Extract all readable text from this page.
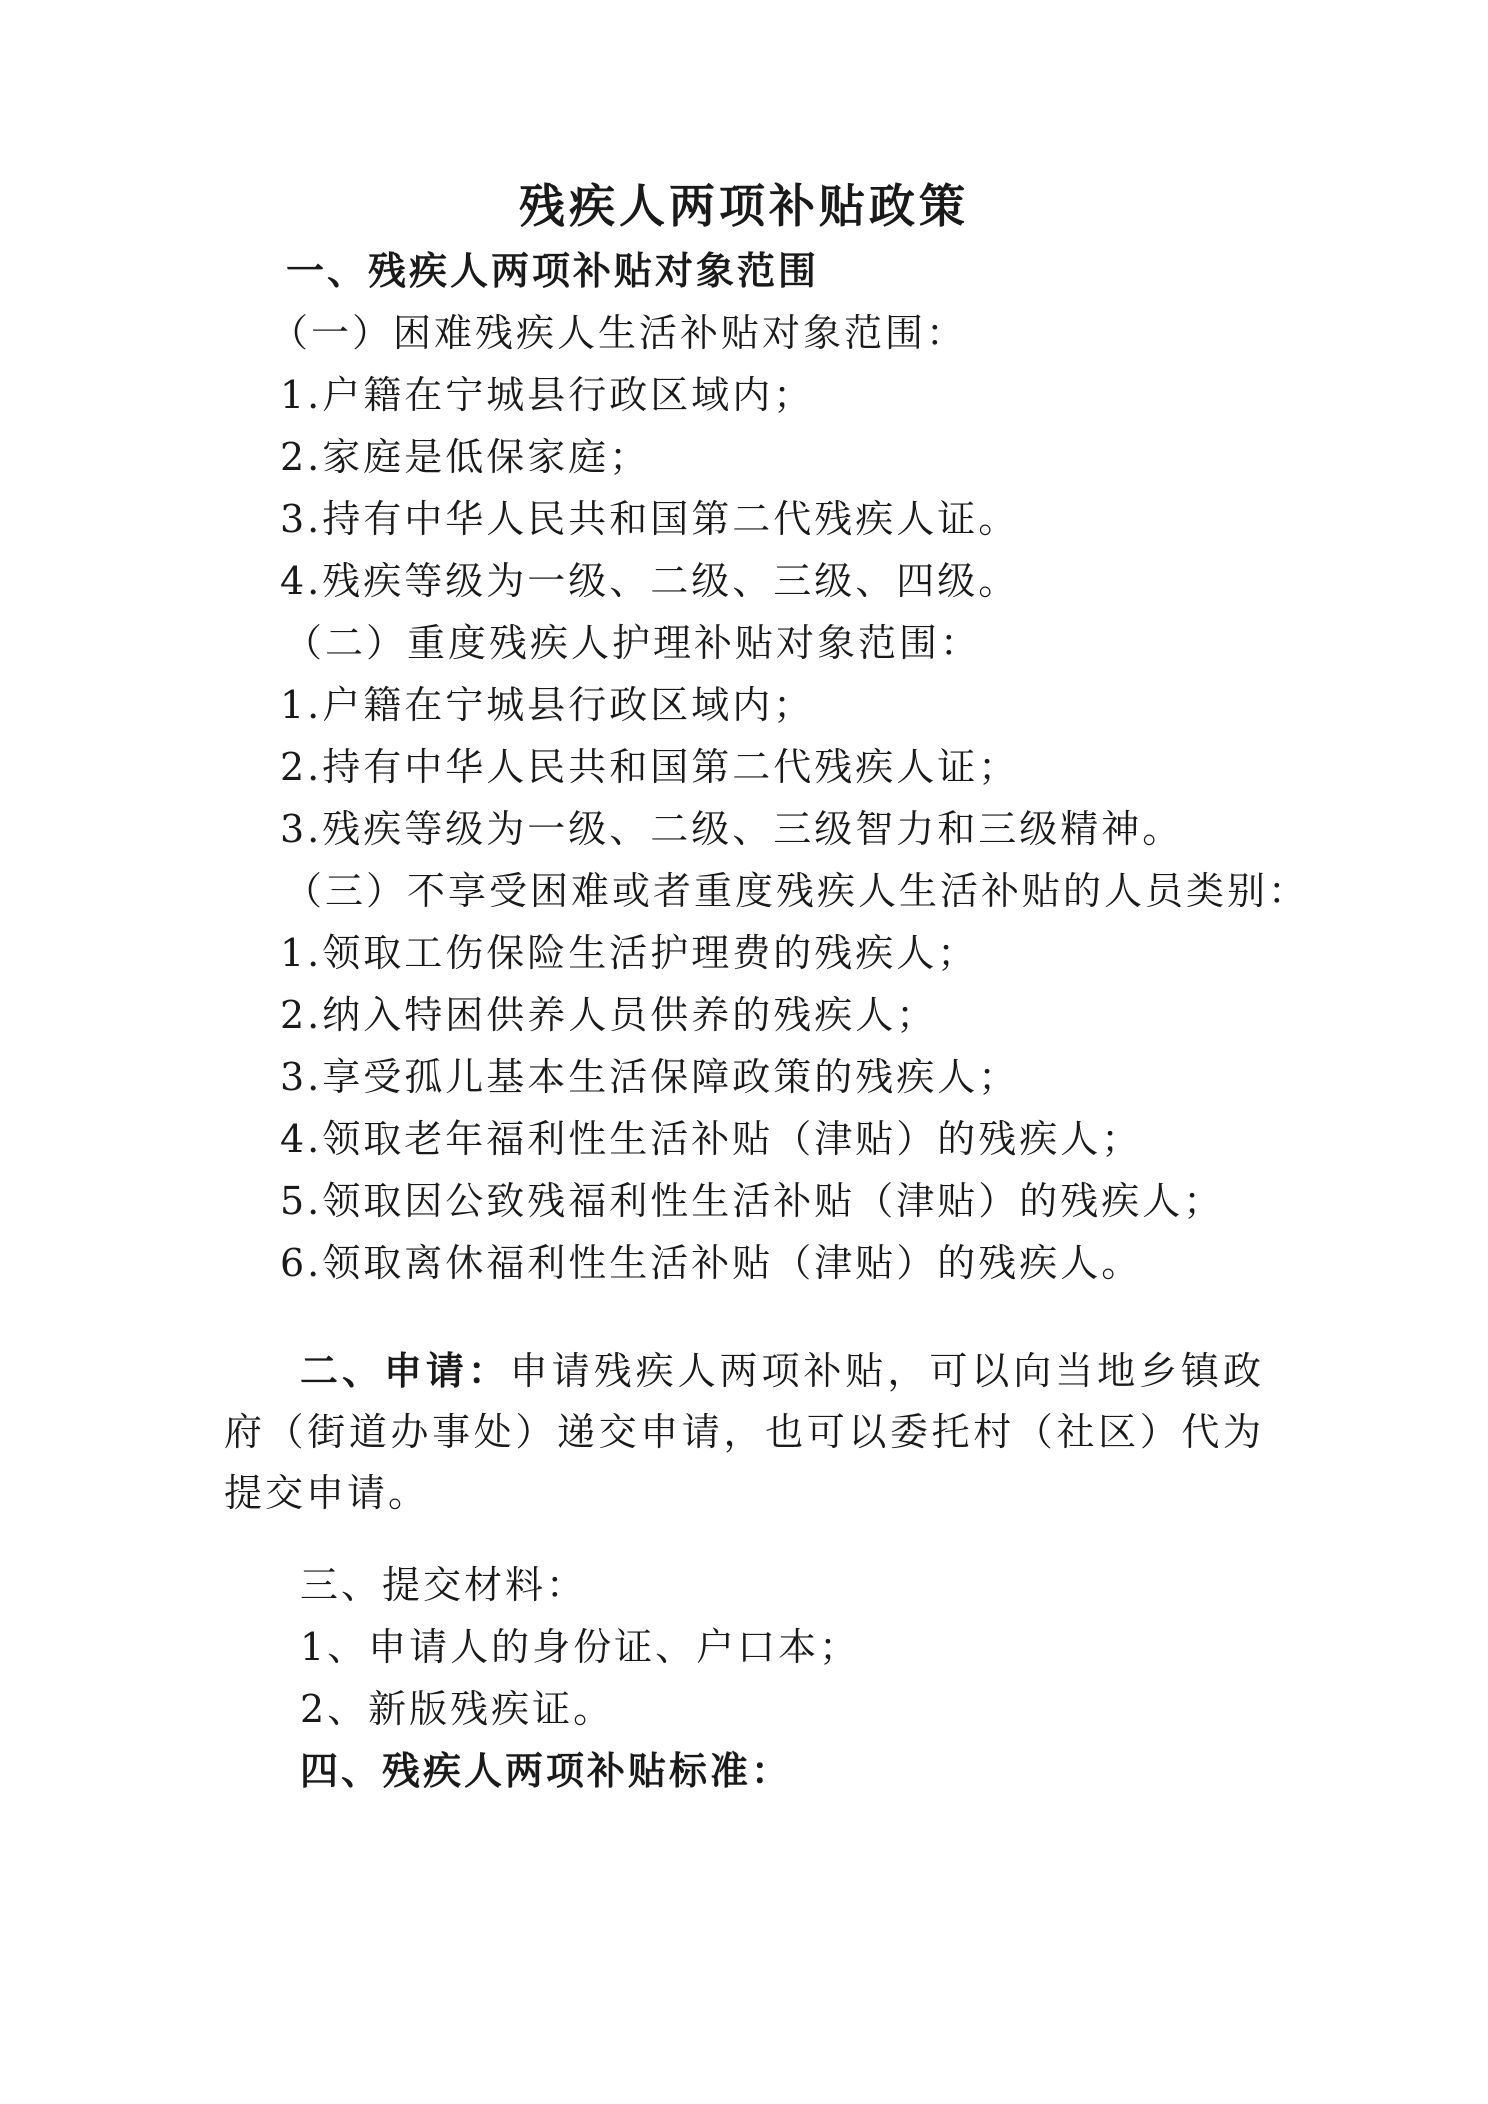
残疾人两项补贴政策
一、残疾人两项补贴对象范围
（一）困难残疾人生活补贴对象范围：
1.户籍在宁城县行政区域内；
2.家庭是低保家庭；
3.持有中华人民共和国第二代残疾人证。
4.残疾等级为一级、二级、三级、四级。
（二）重度残疾人护理补贴对象范围：
1.户籍在宁城县行政区域内；
2.持有中华人民共和国第二代残疾人证；
3.残疾等级为一级、二级、三级智力和三级精神。
（三）不享受困难或者重度残疾人生活补贴的人员类别：
1.领取工伤保险生活护理费的残疾人；
2.纳入特困供养人员供养的残疾人；
3.享受孤儿基本生活保障政策的残疾人；
4.领取老年福利性生活补贴（津贴）的残疾人；
5.领取因公致残福利性生活补贴（津贴）的残疾人；
6.领取离休福利性生活补贴（津贴）的残疾人。
二、申请：申请残疾人两项补贴，可以向当地乡镇政府（街道办事处）递交申请，也可以委托村（社区）代为提交申请。
三、提交材料：
1、申请人的身份证、户口本；
2、新版残疾证。
四、残疾人两项补贴标准：
